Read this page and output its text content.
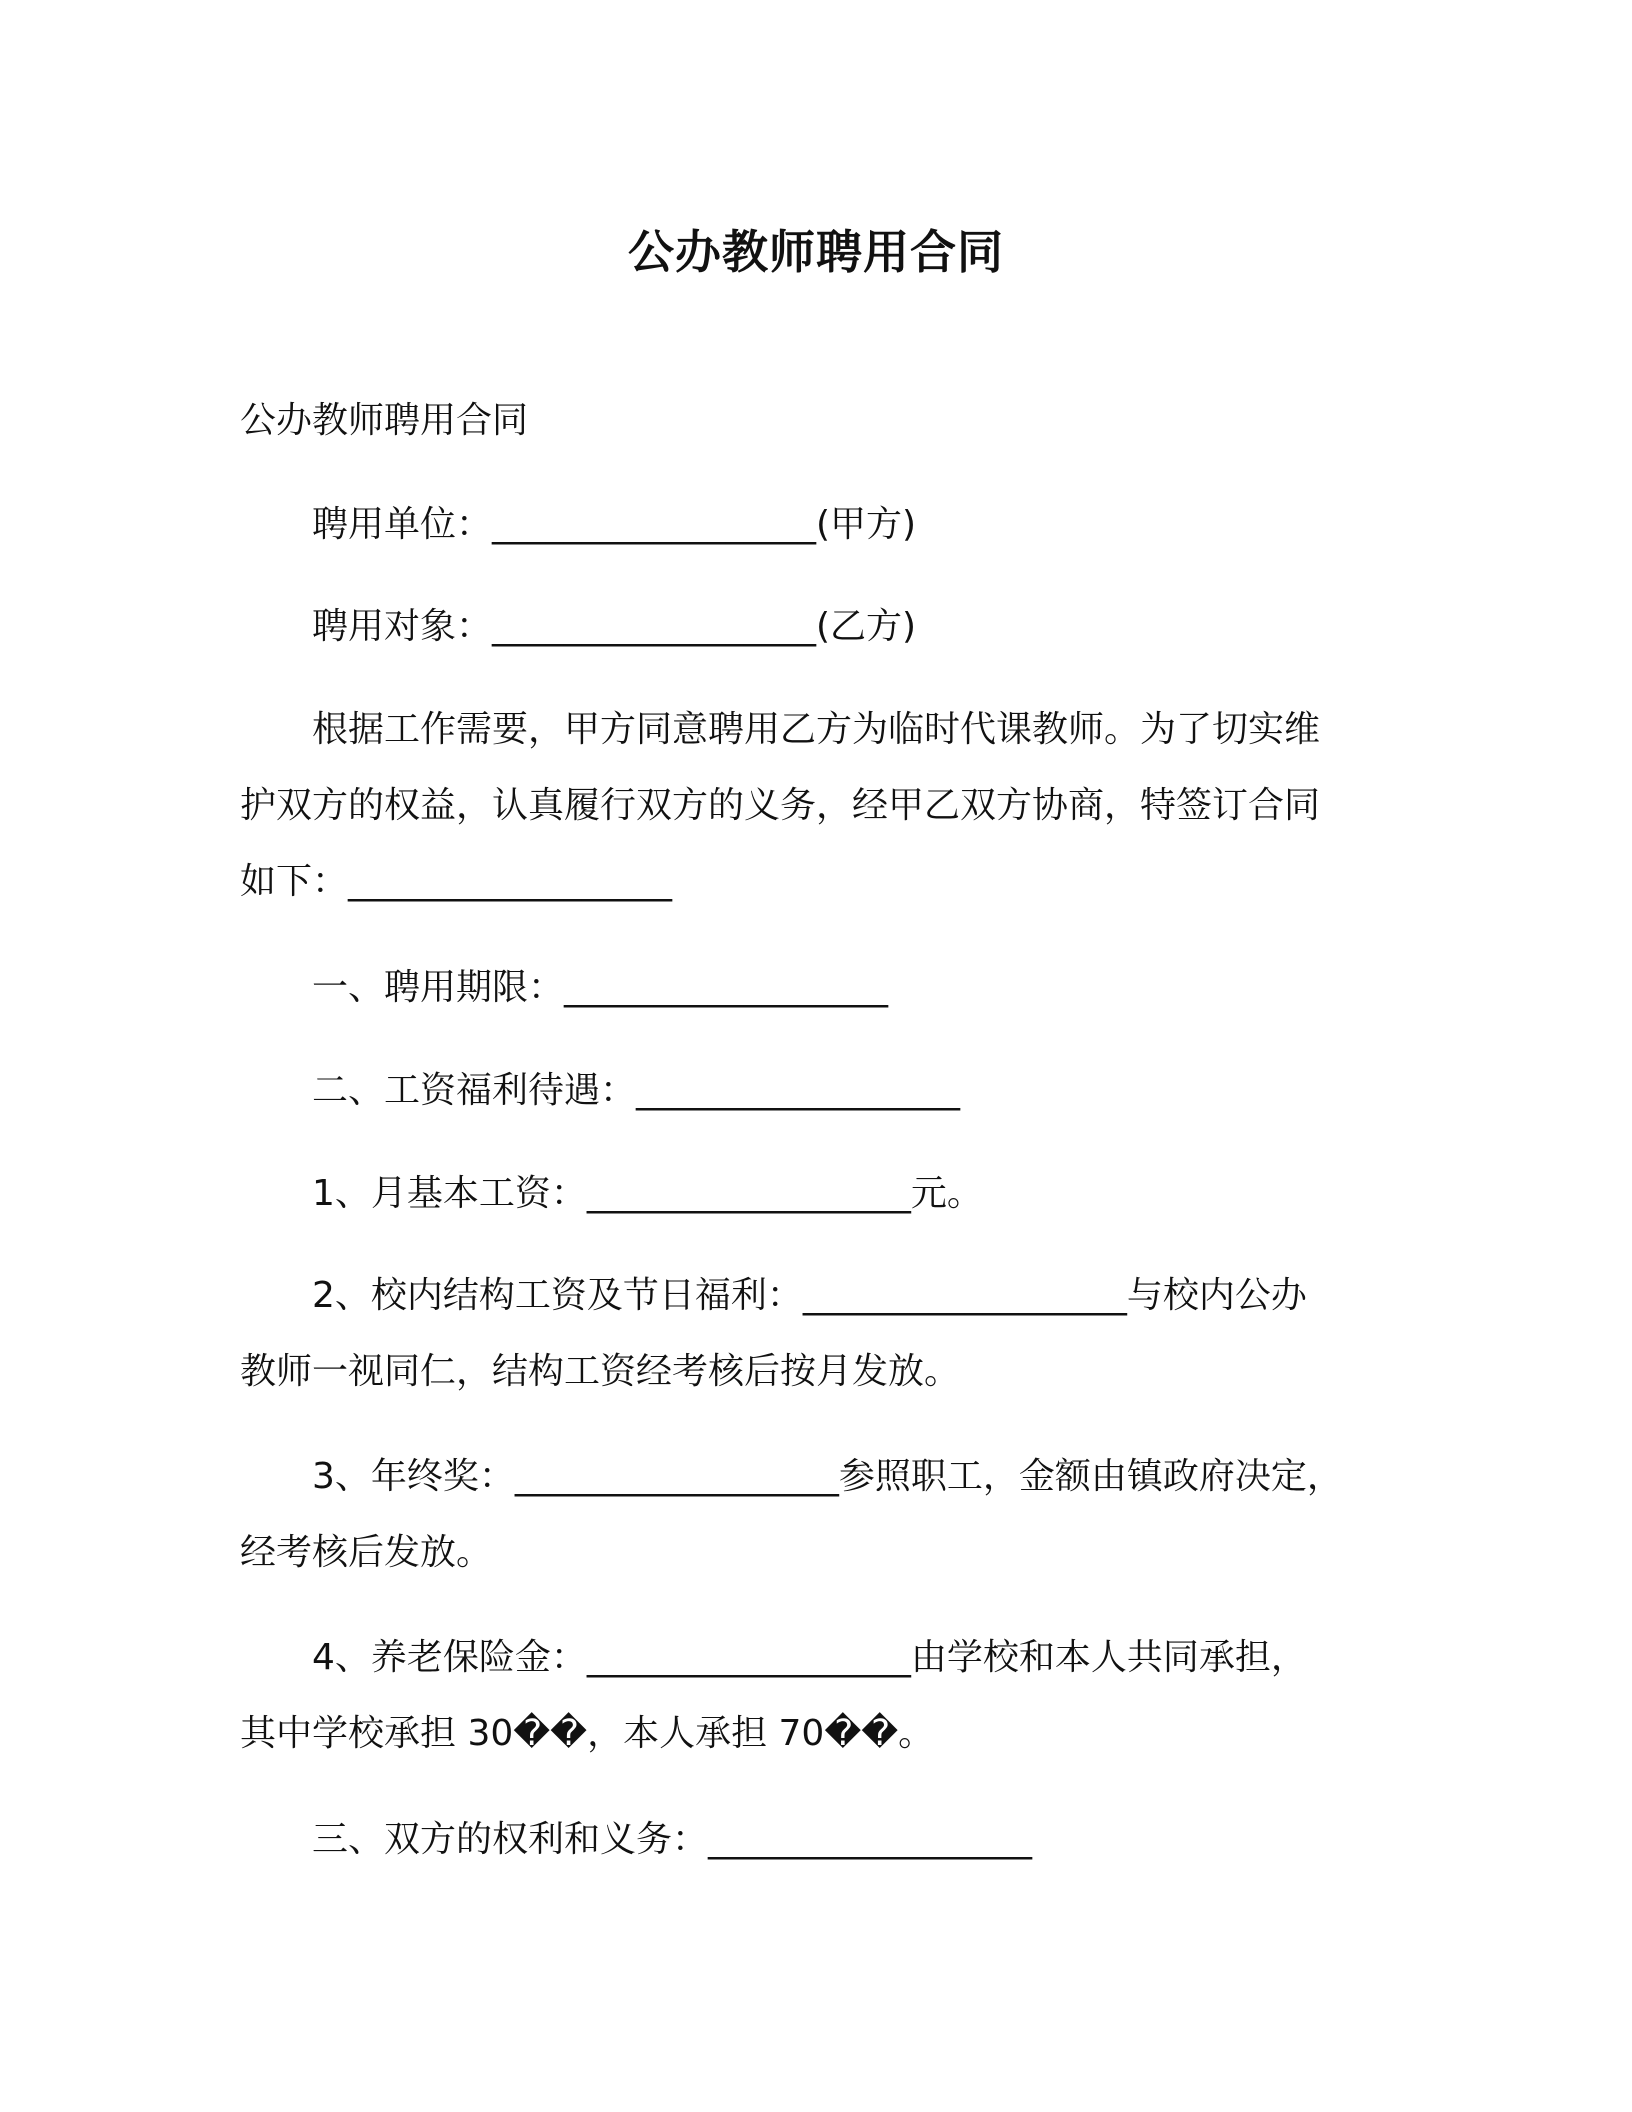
公办教师聘用合同
公办教师聘用合同
聘用单位：__________________(甲方)
聘用对象：__________________(乙方)
根据工作需要，甲方同意聘用乙方为临时代课教师。为了切实维
护双方的权益，认真履行双方的义务，经甲乙双方协商，特签订合同
如下：__________________
一、聘用期限：__________________
二、工资福利待遇：__________________
1、月基本工资：__________________元。
2、校内结构工资及节日福利：__________________与校内公办
教师一视同仁，结构工资经考核后按月发放。
3、年终奖：__________________参照职工，金额由镇政府决定，
经考核后发放。
4、养老保险金：__________________由学校和本人共同承担，
其中学校承担 30��，本人承担 70��。
三、双方的权利和义务：__________________
